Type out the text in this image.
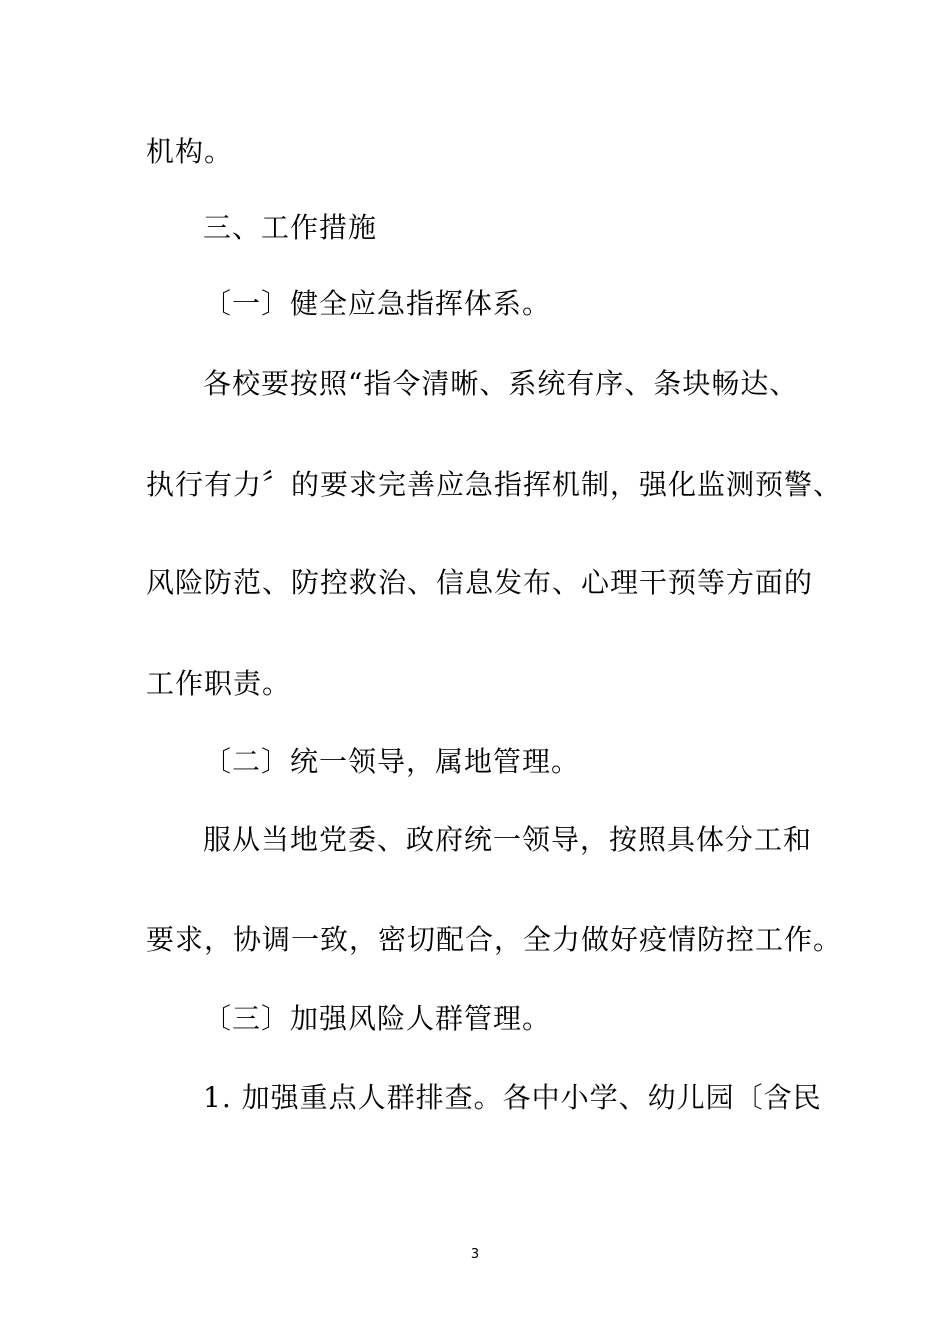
机构。
三、工作措施
〔一〕健全应急指挥体系。
各校要按照“指令清晰、系统有序、条块畅达、
执行有力〞的要求完善应急指挥机制，强化监测预警、
风险防范、防控救治、信息发布、心理干预等方面的
工作职责。
〔二〕统一领导，属地管理。
服从当地党委、政府统一领导，按照具体分工和
要求，协调一致，密切配合，全力做好疫情防控工作。
〔三〕加强风险人群管理。
1. 加强重点人群排查。各中小学、幼儿园〔含民
3
